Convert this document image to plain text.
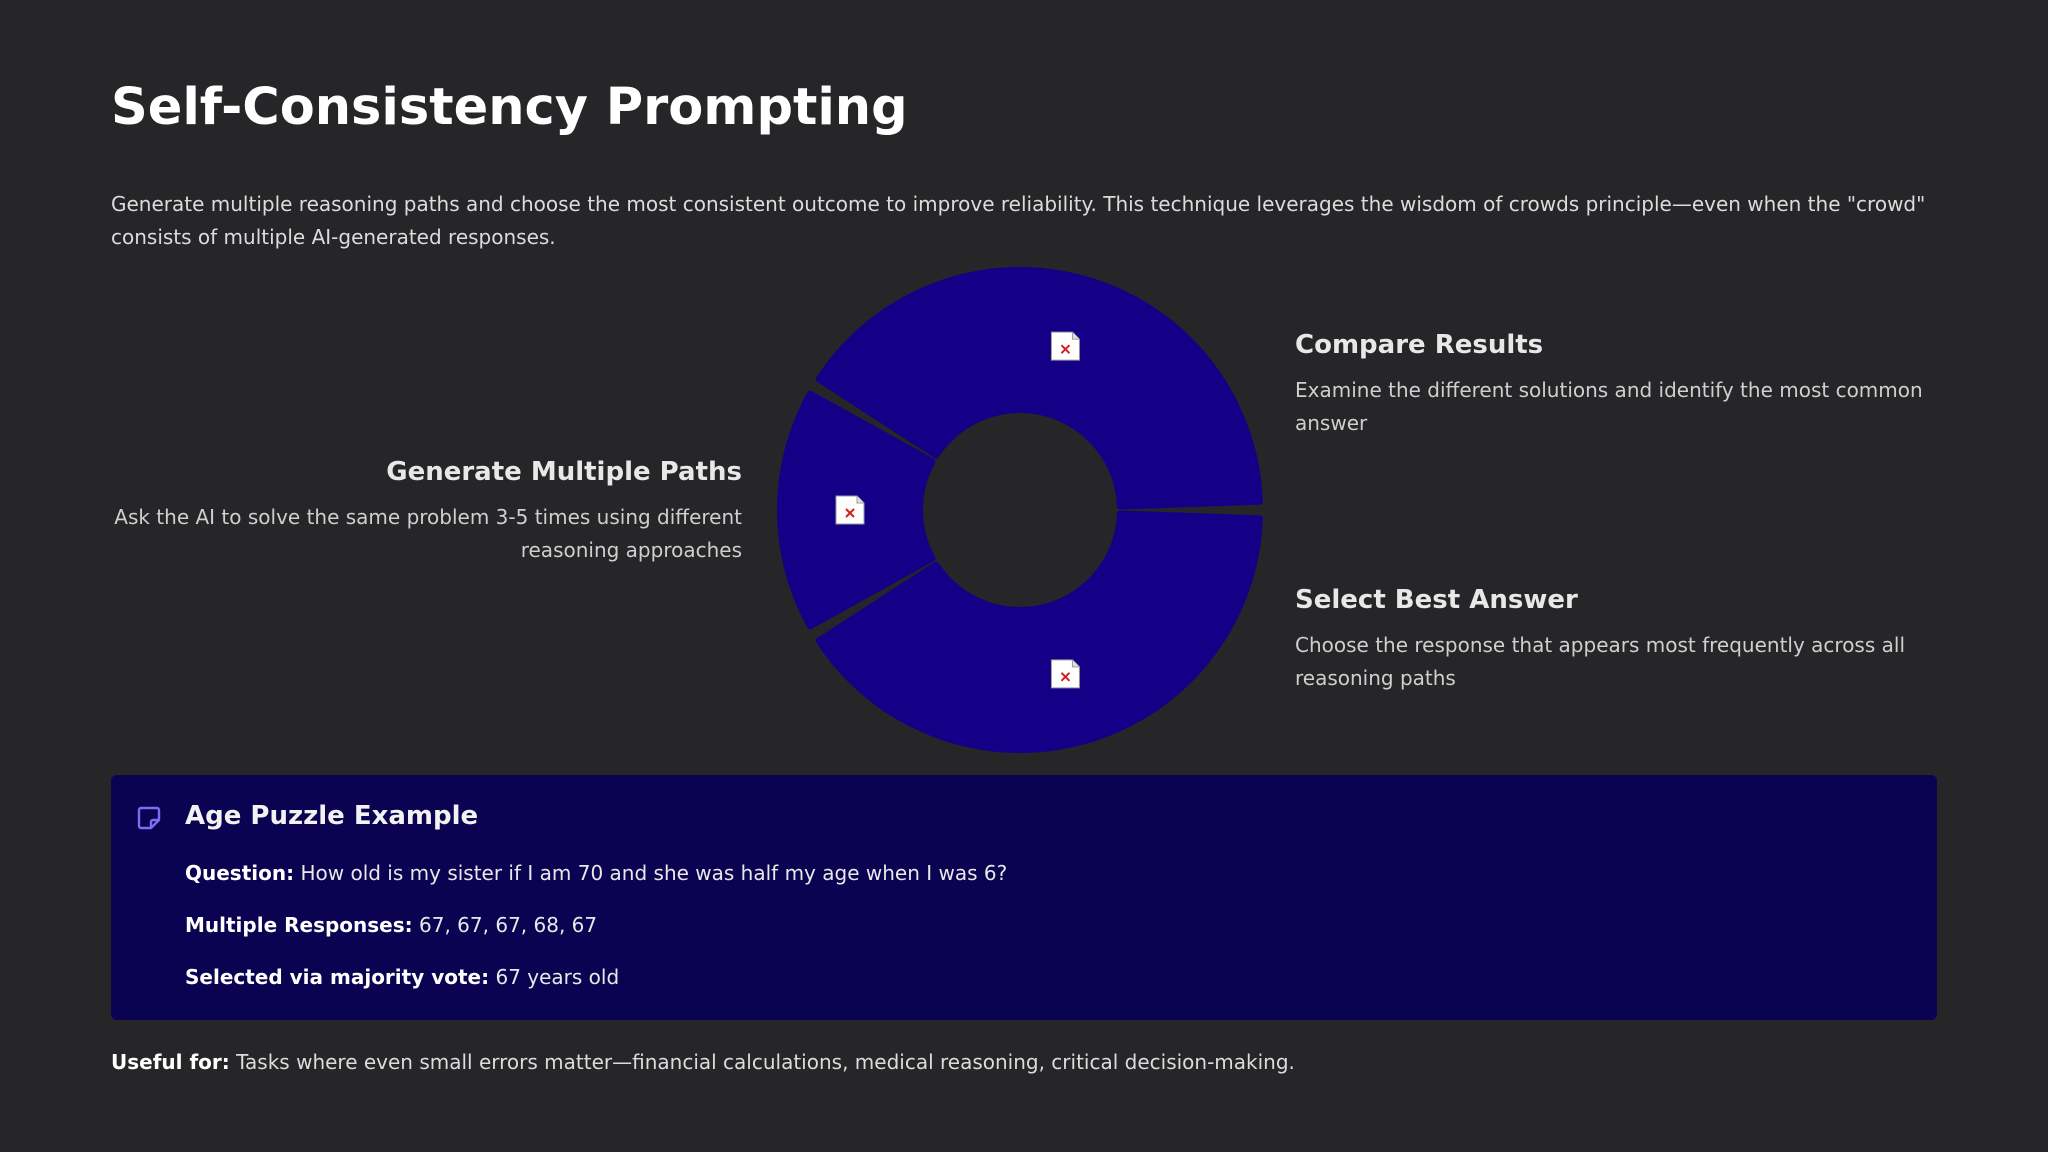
Self-Consistency Prompting

Generate multiple reasoning paths and choose the most consistent outcome to improve reliability. This technique leverages the wisdom of crowds principle—even when the "crowd" consists of multiple AI-generated responses.

Generate Multiple Paths

Ask the AI to solve the same problem 3-5 times using different reasoning approaches

Compare Results

Examine the different solutions and identify the most common answer

Select Best Answer

Choose the response that appears most frequently across all reasoning paths

Age Puzzle Example

Question: How old is my sister if I am 70 and she was half my age when I was 6?

Multiple Responses: 67, 67, 67, 68, 67

Selected via majority vote: 67 years old

Useful for: Tasks where even small errors matter—financial calculations, medical reasoning, critical decision-making.
